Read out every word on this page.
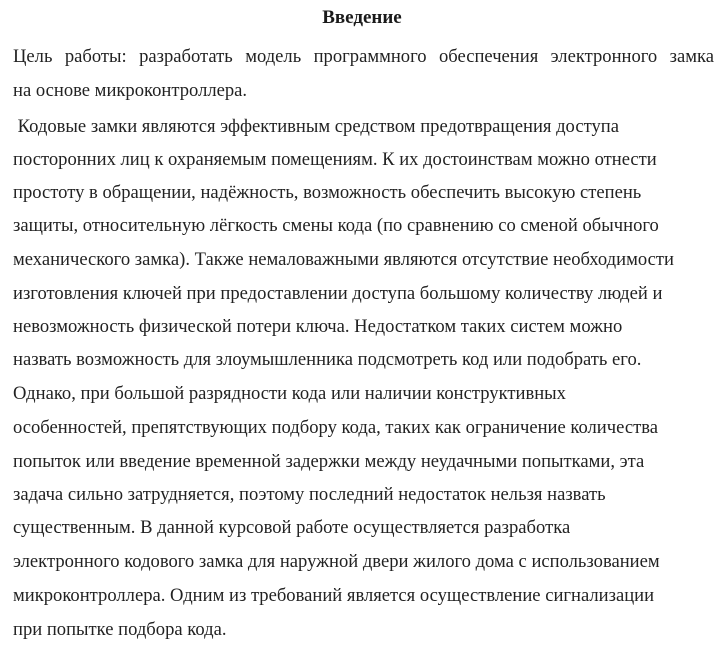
Введение
Цель работы: разработать модель программного обеспечения электронного замка
на основе микроконтроллера.
Кодовые замки являются эффективным средством предотвращения доступа
посторонних лиц к охраняемым помещениям. К их достоинствам можно отнести
простоту в обращении, надёжность, возможность обеспечить высокую степень
защиты, относительную лёгкость смены кода (по сравнению со сменой обычного
механического замка). Также немаловажными являются отсутствие необходимости
изготовления ключей при предоставлении доступа большому количеству людей и
невозможность физической потери ключа. Недостатком таких систем можно
назвать возможность для злоумышленника подсмотреть код или подобрать его.
Однако, при большой разрядности кода или наличии конструктивных
особенностей, препятствующих подбору кода, таких как ограничение количества
попыток или введение временной задержки между неудачными попытками, эта
задача сильно затрудняется, поэтому последний недостаток нельзя назвать
существенным. В данной курсовой работе осуществляется разработка
электронного кодового замка для наружной двери жилого дома с использованием
микроконтроллера. Одним из требований является осуществление сигнализации
при попытке подбора кода.
